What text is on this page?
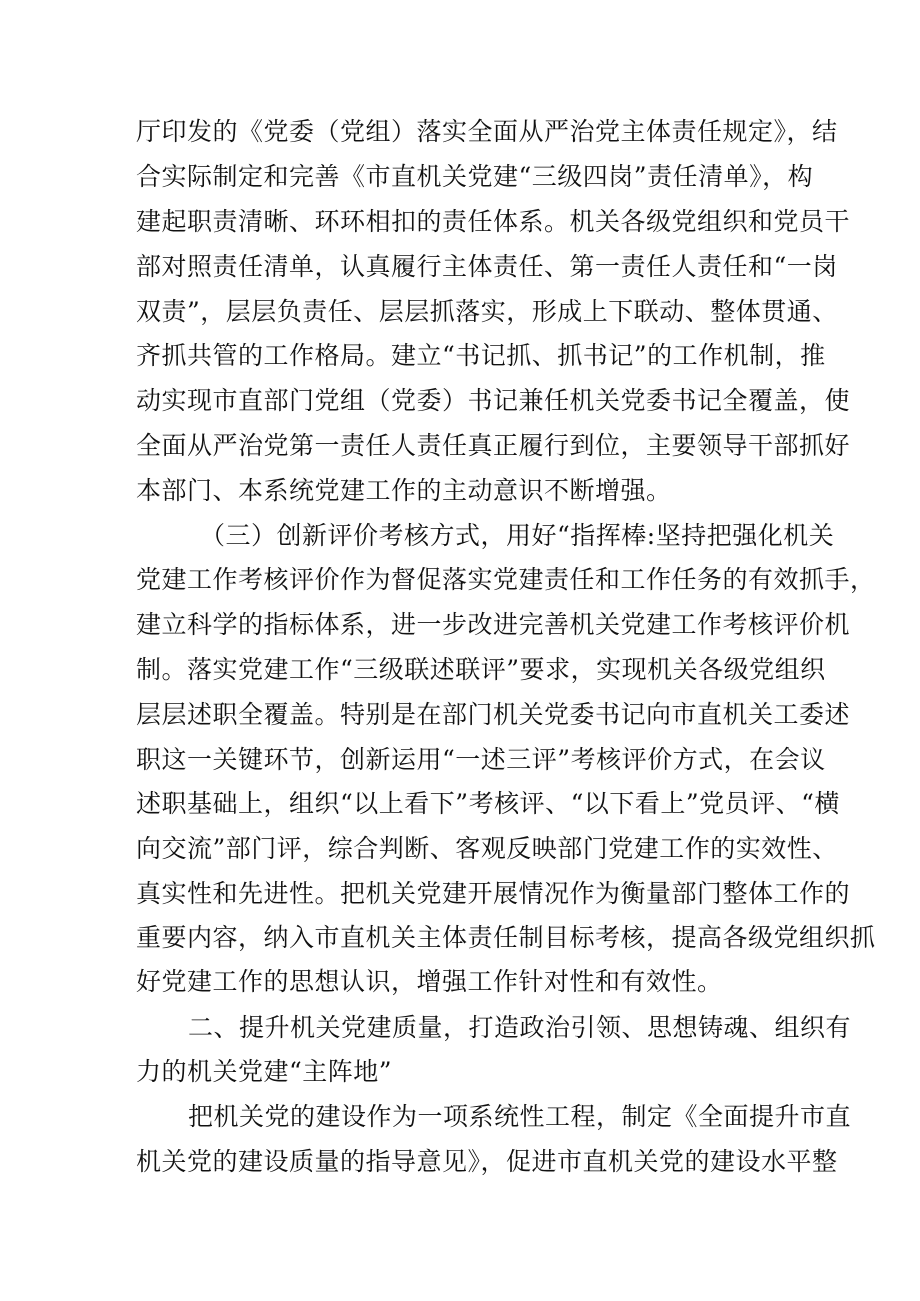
厅印发的《党委（党组）落实全面从严治党主体责任规定》，结
合实际制定和完善《市直机关党建“三级四岗”责任清单》，构
建起职责清晰、环环相扣的责任体系。机关各级党组织和党员干
部对照责任清单，认真履行主体责任、第一责任人责任和“一岗
双责”，层层负责任、层层抓落实，形成上下联动、整体贯通、
齐抓共管的工作格局。建立“书记抓、抓书记”的工作机制，推
动实现市直部门党组（党委）书记兼任机关党委书记全覆盖，使
全面从严治党第一责任人责任真正履行到位，主要领导干部抓好
本部门、本系统党建工作的主动意识不断增强。
（三）创新评价考核方式，用好“指挥棒:坚持把强化机关
党建工作考核评价作为督促落实党建责任和工作任务的有效抓手，
建立科学的指标体系，进一步改进完善机关党建工作考核评价机
制。落实党建工作“三级联述联评”要求，实现机关各级党组织
层层述职全覆盖。特别是在部门机关党委书记向市直机关工委述
职这一关键环节，创新运用“一述三评”考核评价方式，在会议
述职基础上，组织“以上看下”考核评、“以下看上”党员评、“横
向交流”部门评，综合判断、客观反映部门党建工作的实效性、
真实性和先进性。把机关党建开展情况作为衡量部门整体工作的
重要内容，纳入市直机关主体责任制目标考核，提高各级党组织抓
好党建工作的思想认识，增强工作针对性和有效性。
二、提升机关党建质量，打造政治引领、思想铸魂、组织有
力的机关党建“主阵地”
把机关党的建设作为一项系统性工程，制定《全面提升市直
机关党的建设质量的指导意见》，促进市直机关党的建设水平整
